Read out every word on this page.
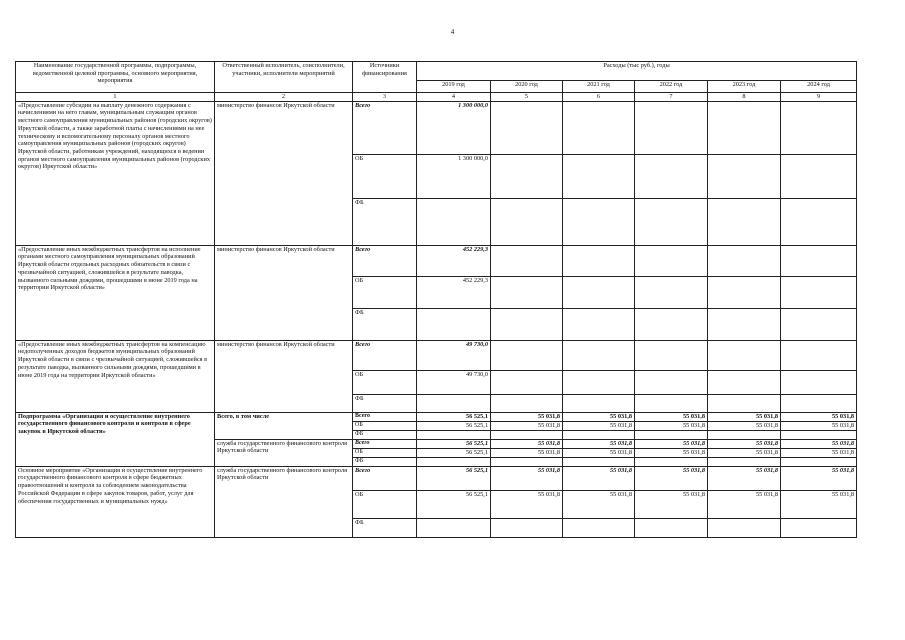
4
Наименование государственной программы, подпрограммы, ведомственной целевой программы, основного мероприятия, мероприятия	Ответственный исполнитель, соисполнители, участники, исполнители мероприятий	Источники финансирования	Расходы (тыс руб.), годы					
			2019 год	2020 год	2021 год	2022 год	2023 год	2024 год
1	2	3	4	5	6	7	8	9
«Предоставление субсидии на выплату денежного содержания с начислениями на него главам, муниципальным служащим органов местного самоуправления муниципальных районов (городских округов) Иркутской области, а также заработной платы с начислениями на нее техническому и вспомогательному персоналу органов местного самоуправления муниципальных районов (городских округов) Иркутской области, работникам учреждений, находящихся в ведении органов местного самоуправления муниципальных районов (городских округов) Иркутской области»	министерство финансов Иркутской области	Всего	1 300 000,0					
		ОБ	1 300 000,0					
		ФБ						
«Предоставление иных межбюджетных трансфертов на исполнение органами местного самоуправления муниципальных образований Иркутской области отдельных расходных обязательств в связи с чрезвычайной ситуацией, сложившейся в результате паводка, вызванного сильными дождями, прошедшими в июне 2019 года на территории Иркутской области»	министерство финансов Иркутской области	Всего	452 229,3					
		ОБ	452 229,3					
		ФБ						
«Предоставление иных межбюджетных трансфертов на компенсацию недополученных доходов бюджетов муниципальных образований Иркутской области в связи с чрезвычайной ситуацией, сложившейся в результате паводка, вызванного сильными дождями, прошедшими в июне 2019 года на территории Иркутской области»	министерство финансов Иркутской области	Всего	49 730,0					
		ОБ	49 730,0					
		ФБ						
Подпрограмма «Организация и осуществление внутреннего государственного финансового контроля и контроля в сфере закупок в Иркутской области»	Всего, в том числе	Всего	56 525,1	55 031,8	55 031,8	55 031,8	55 031,8	55 031,8
		ОБ	56 525,1	55 031,8	55 031,8	55 031,8	55 031,8	55 031,8
		ФБ						
	служба государственного финансового контроля Иркутской области	Всего	56 525,1	55 031,8	55 031,8	55 031,8	55 031,8	55 031,8
		ОБ	56 525,1	55 031,8	55 031,8	55 031,8	55 031,8	55 031,8
		ФБ						
Основное мероприятие «Организация и осуществление внутреннего государственного финансового контроля в сфере бюджетных правоотношений и контроля за соблюдением законодательства Российской Федерации в сфере закупок товаров, работ, услуг для обеспечения государственных и муниципальных нужд»	служба государственного финансового контроля Иркутской области	Всего	56 525,1	55 031,8	55 031,8	55 031,8	55 031,8	55 031,8
		ОБ	56 525,1	55 031,8	55 031,8	55 031,8	55 031,8	55 031,8
		ФБ						
